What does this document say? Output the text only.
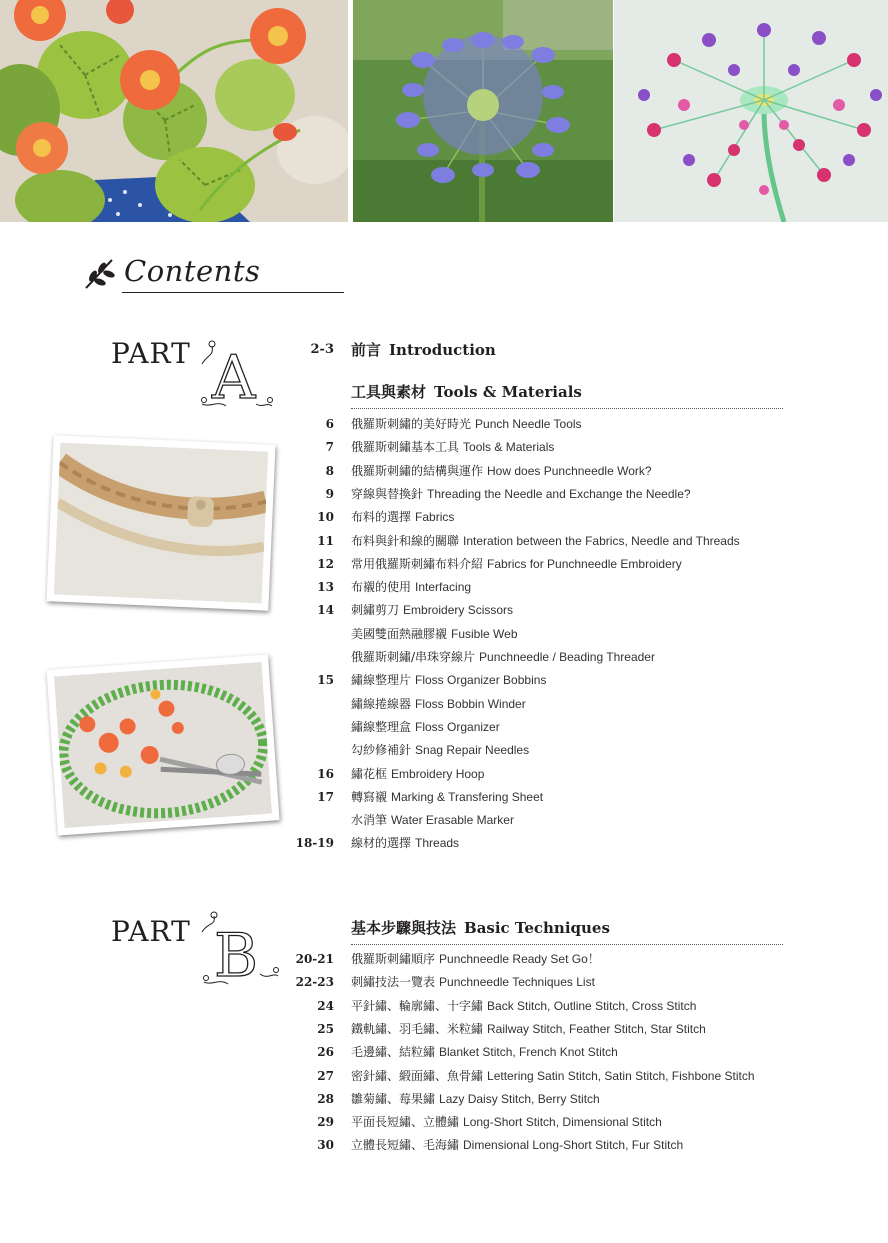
Contents
PART A
PART B
2-3 前言 Introduction
工具與素材 Tools & Materials
6 俄羅斯刺繡的美好時光 Punch Needle Tools
7 俄羅斯刺繡基本工具 Tools & Materials
8 俄羅斯刺繡的結構與運作 How does Punchneedle Work?
9 穿線與替換針 Threading the Needle and Exchange the Needle?
10 布料的選擇 Fabrics
11 布料與針和線的關聯 Interation between the Fabrics, Needle and Threads
12 常用俄羅斯刺繡布料介紹 Fabrics for Punchneedle Embroidery
13 布襯的使用 Interfacing
14 刺繡剪刀 Embroidery Scissors
美國雙面熱融膠襯 Fusible Web
俄羅斯刺繡/串珠穿線片 Punchneedle / Beading Threader
15 繡線整理片 Floss Organizer Bobbins
繡線捲線器 Floss Bobbin Winder
繡線整理盒 Floss Organizer
勾紗修補針 Snag Repair Needles
16 繡花框 Embroidery Hoop
17 轉寫襯 Marking & Transfering Sheet
水消筆 Water Erasable Marker
18-19 線材的選擇 Threads
基本步驟與技法 Basic Techniques
20-21 俄羅斯刺繡順序 Punchneedle Ready Set Go！
22-23 刺繡技法一覽表 Punchneedle Techniques List
24 平針繡、輪廓繡、十字繡 Back Stitch, Outline Stitch, Cross Stitch
25 鐵軌繡、羽毛繡、米粒繡 Railway Stitch, Feather Stitch, Star Stitch
26 毛邊繡、結粒繡 Blanket Stitch, French Knot Stitch
27 密針繡、緞面繡、魚骨繡 Lettering Satin Stitch, Satin Stitch, Fishbone Stitch
28 雛菊繡、莓果繡 Lazy Daisy Stitch, Berry Stitch
29 平面長短繡、立體繡 Long-Short Stitch, Dimensional Stitch
30 立體長短繡、毛海繡 Dimensional Long-Short Stitch, Fur Stitch
